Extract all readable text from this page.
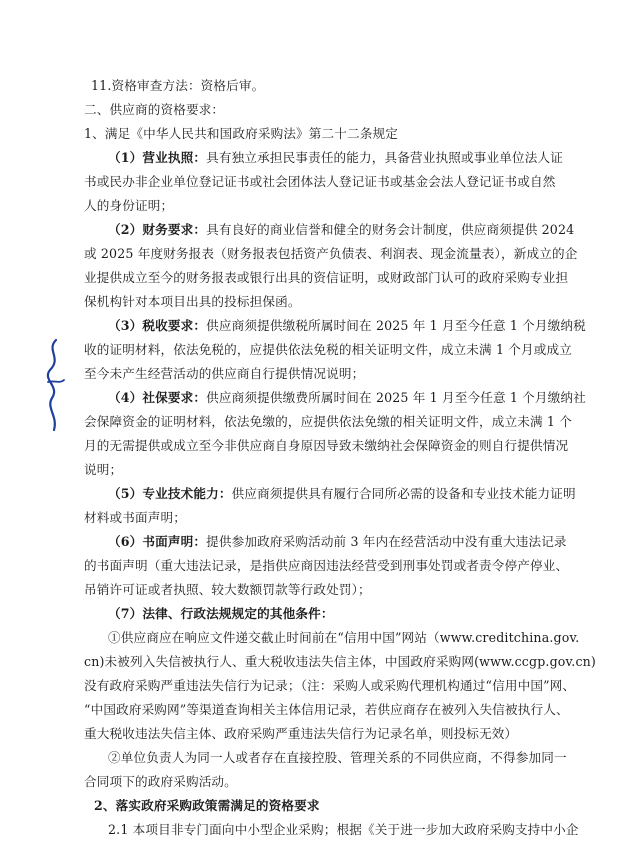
11.资格审查方法：资格后审。

二、供应商的资格要求：

1、满足《中华人民共和国政府采购法》第二十二条规定

（1）营业执照：具有独立承担民事责任的能力，具备营业执照或事业单位法人证
书或民办非企业单位登记证书或社会团体法人登记证书或基金会法人登记证书或自然
人的身份证明；
（2）财务要求：具有良好的商业信誉和健全的财务会计制度，供应商须提供 2024
或 2025 年度财务报表（财务报表包括资产负债表、利润表、现金流量表），新成立的企
业提供成立至今的财务报表或银行出具的资信证明，或财政部门认可的政府采购专业担
保机构针对本项目出具的投标担保函。
（3）税收要求：供应商须提供缴税所属时间在 2025 年 1 月至今任意 1 个月缴纳税
收的证明材料，依法免税的，应提供依法免税的相关证明文件，成立未满 1 个月或成立
至今未产生经营活动的供应商自行提供情况说明；
（4）社保要求：供应商须提供缴费所属时间在 2025 年 1 月至今任意 1 个月缴纳社
会保障资金的证明材料，依法免缴的，应提供依法免缴的相关证明文件，成立未满 1 个
月的无需提供或成立至今非供应商自身原因导致未缴纳社会保障资金的则自行提供情况
说明；
（5）专业技术能力：供应商须提供具有履行合同所必需的设备和专业技术能力证明
材料或书面声明；
（6）书面声明：提供参加政府采购活动前 3 年内在经营活动中没有重大违法记录
的书面声明（重大违法记录，是指供应商因违法经营受到刑事处罚或者责令停产停业、
吊销许可证或者执照、较大数额罚款等行政处罚）；
（7）法律、行政法规规定的其他条件：
①供应商应在响应文件递交截止时间前在“信用中国”网站（www.creditchina.gov.
cn)未被列入失信被执行人、重大税收违法失信主体，中国政府采购网(www.ccgp.gov.cn)
没有政府采购严重违法失信行为记录；（注：采购人或采购代理机构通过“信用中国”网、
“中国政府采购网”等渠道查询相关主体信用记录，若供应商存在被列入失信被执行人、
重大税收违法失信主体、政府采购严重违法失信行为记录名单，则投标无效）
②单位负责人为同一人或者存在直接控股、管理关系的不同供应商，不得参加同一
合同项下的政府采购活动。

2、落实政府采购政策需满足的资格要求
2.1 本项目非专门面向中小型企业采购；根据《关于进一步加大政府采购支持中小企
